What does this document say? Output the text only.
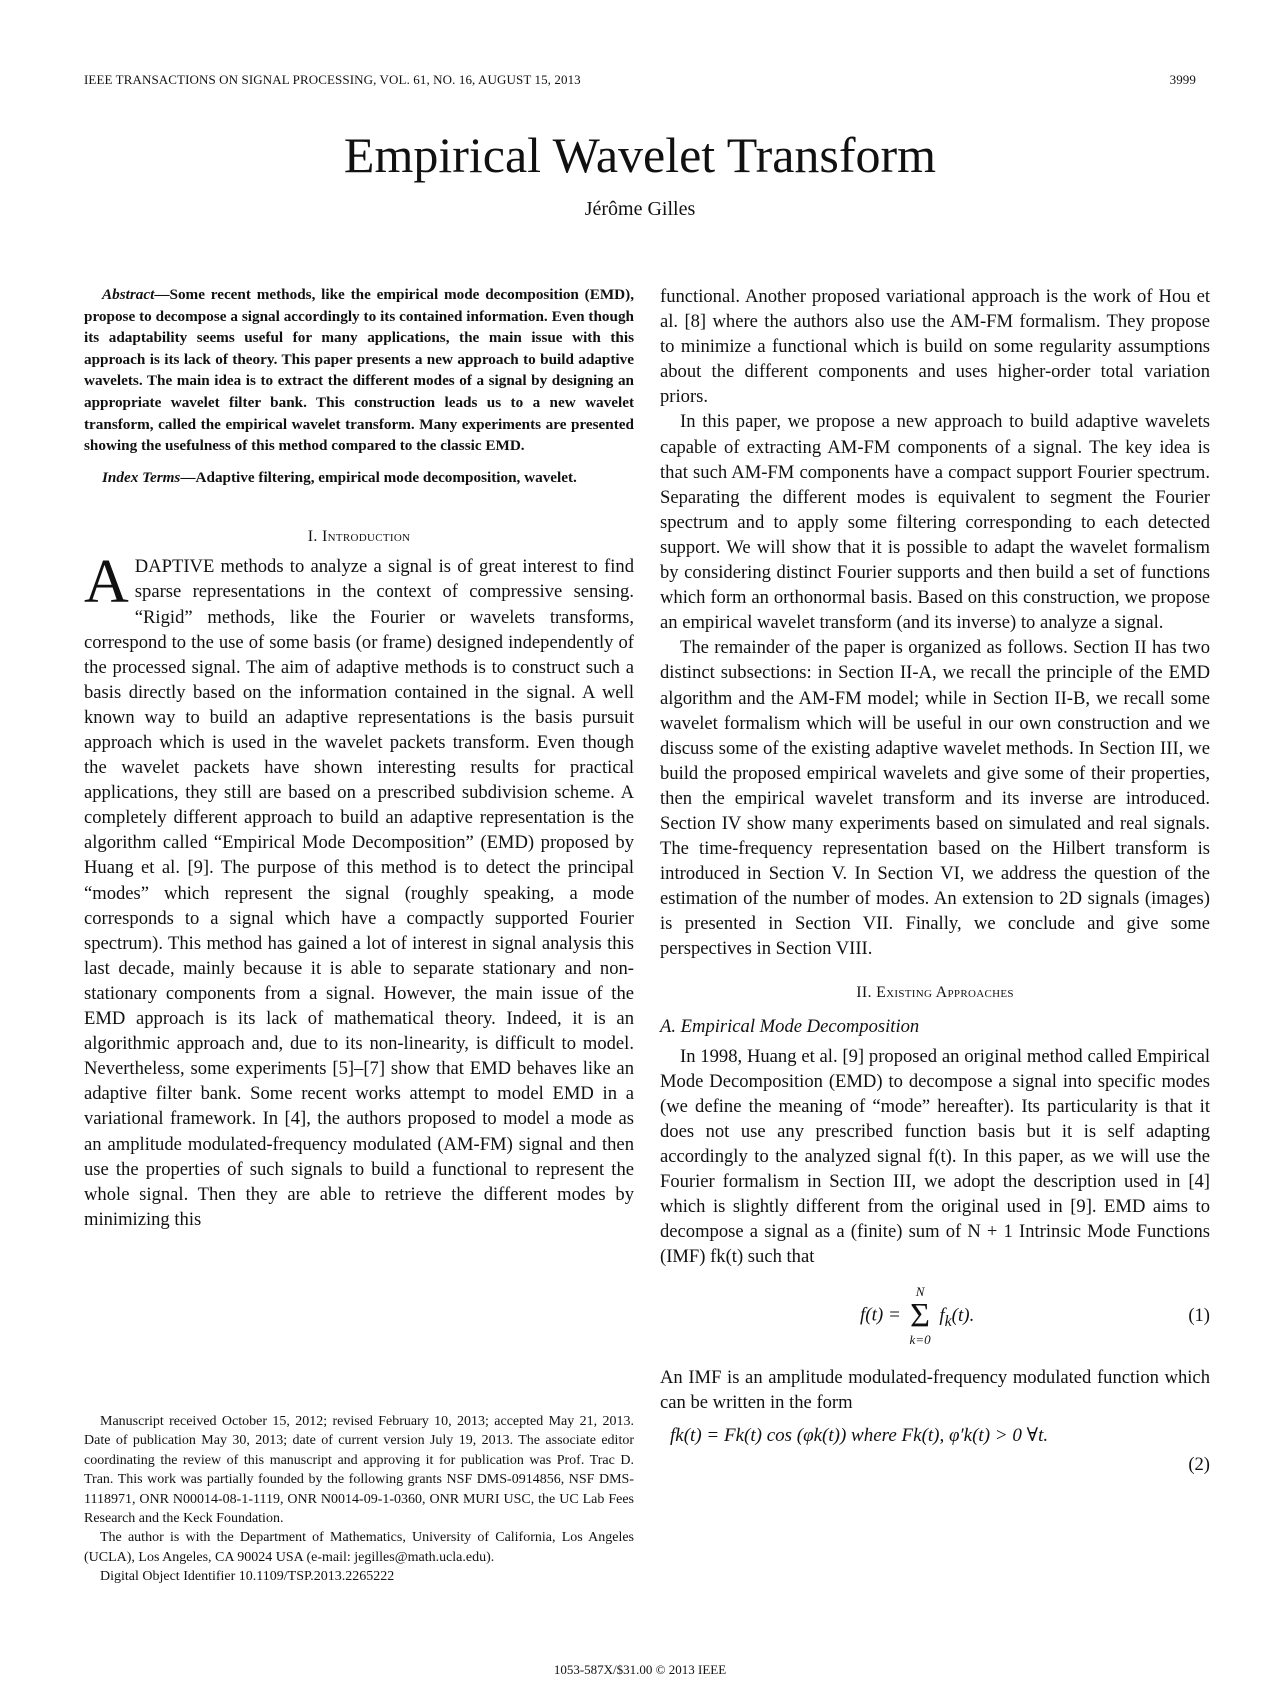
IEEE TRANSACTIONS ON SIGNAL PROCESSING, VOL. 61, NO. 16, AUGUST 15, 2013	3999
Empirical Wavelet Transform
Jérôme Gilles

Abstract—Some recent methods, like the empirical mode decomposition (EMD), propose to decompose a signal accordingly to its contained information. Even though its adaptability seems useful for many applications, the main issue with this approach is its lack of theory. This paper presents a new approach to build adaptive wavelets. The main idea is to extract the different modes of a signal by designing an appropriate wavelet filter bank. This construction leads us to a new wavelet transform, called the empirical wavelet transform. Many experiments are presented showing the usefulness of this method compared to the classic EMD.

Index Terms—Adaptive filtering, empirical mode decomposition, wavelet.

I. Introduction

ADAPTIVE methods to analyze a signal is of great interest to find sparse representations in the context of compressive sensing. “Rigid” methods, like the Fourier or wavelets transforms, correspond to the use of some basis (or frame) designed independently of the processed signal. The aim of adaptive methods is to construct such a basis directly based on the information contained in the signal. A well known way to build an adaptive representations is the basis pursuit approach which is used in the wavelet packets transform. Even though the wavelet packets have shown interesting results for practical applications, they still are based on a prescribed subdivision scheme. A completely different approach to build an adaptive representation is the algorithm called “Empirical Mode Decomposition” (EMD) proposed by Huang et al. [9]. The purpose of this method is to detect the principal “modes” which represent the signal (roughly speaking, a mode corresponds to a signal which have a compactly supported Fourier spectrum). This method has gained a lot of interest in signal analysis this last decade, mainly because it is able to separate stationary and non-stationary components from a signal. However, the main issue of the EMD approach is its lack of mathematical theory. Indeed, it is an algorithmic approach and, due to its non-linearity, is difficult to model. Nevertheless, some experiments [5]–[7] show that EMD behaves like an adaptive filter bank. Some recent works attempt to model EMD in a variational framework. In [4], the authors proposed to model a mode as an amplitude modulated-frequency modulated (AM-FM) signal and then use the properties of such signals to build a functional to represent the whole signal. Then they are able to retrieve the different modes by minimizing this

Manuscript received October 15, 2012; revised February 10, 2013; accepted May 21, 2013. Date of publication May 30, 2013; date of current version July 19, 2013. The associate editor coordinating the review of this manuscript and approving it for publication was Prof. Trac D. Tran. This work was partially founded by the following grants NSF DMS-0914856, NSF DMS-1118971, ONR N00014-08-1-1119, ONR N0014-09-1-0360, ONR MURI USC, the UC Lab Fees Research and the Keck Foundation.

The author is with the Department of Mathematics, University of California, Los Angeles (UCLA), Los Angeles, CA 90024 USA (e-mail: jegilles@math.ucla.edu).

Digital Object Identifier 10.1109/TSP.2013.2265222

functional. Another proposed variational approach is the work of Hou et al. [8] where the authors also use the AM-FM formalism. They propose to minimize a functional which is build on some regularity assumptions about the different components and uses higher-order total variation priors.

In this paper, we propose a new approach to build adaptive wavelets capable of extracting AM-FM components of a signal. The key idea is that such AM-FM components have a compact support Fourier spectrum. Separating the different modes is equivalent to segment the Fourier spectrum and to apply some filtering corresponding to each detected support. We will show that it is possible to adapt the wavelet formalism by considering distinct Fourier supports and then build a set of functions which form an orthonormal basis. Based on this construction, we propose an empirical wavelet transform (and its inverse) to analyze a signal.

The remainder of the paper is organized as follows. Section II has two distinct subsections: in Section II-A, we recall the principle of the EMD algorithm and the AM-FM model; while in Section II-B, we recall some wavelet formalism which will be useful in our own construction and we discuss some of the existing adaptive wavelet methods. In Section III, we build the proposed empirical wavelets and give some of their properties, then the empirical wavelet transform and its inverse are introduced. Section IV show many experiments based on simulated and real signals. The time-frequency representation based on the Hilbert transform is introduced in Section V. In Section VI, we address the question of the estimation of the number of modes. An extension to 2D signals (images) is presented in Section VII. Finally, we conclude and give some perspectives in Section VIII.

II. Existing Approaches
A. Empirical Mode Decomposition

In 1998, Huang et al. [9] proposed an original method called Empirical Mode Decomposition (EMD) to decompose a signal into specific modes (we define the meaning of “mode” hereafter). Its particularity is that it does not use any prescribed function basis but it is self adapting accordingly to the analyzed signal f(t). In this paper, as we will use the Fourier formalism in Section III, we adopt the description used in [4] which is slightly different from the original used in [9]. EMD aims to decompose a signal as a (finite) sum of N + 1 Intrinsic Mode Functions (IMF) fk(t) such that

f(t) =
N
Σ
k=0
$f_k(t)$.	(1)

An IMF is an amplitude modulated-frequency modulated function which can be written in the form

fk(t) = Fk(t) cos (φk(t)) where Fk(t), φ′k(t) > 0 ∀t.
(2)
1053-587X/$31.00 © 2013 IEEE
